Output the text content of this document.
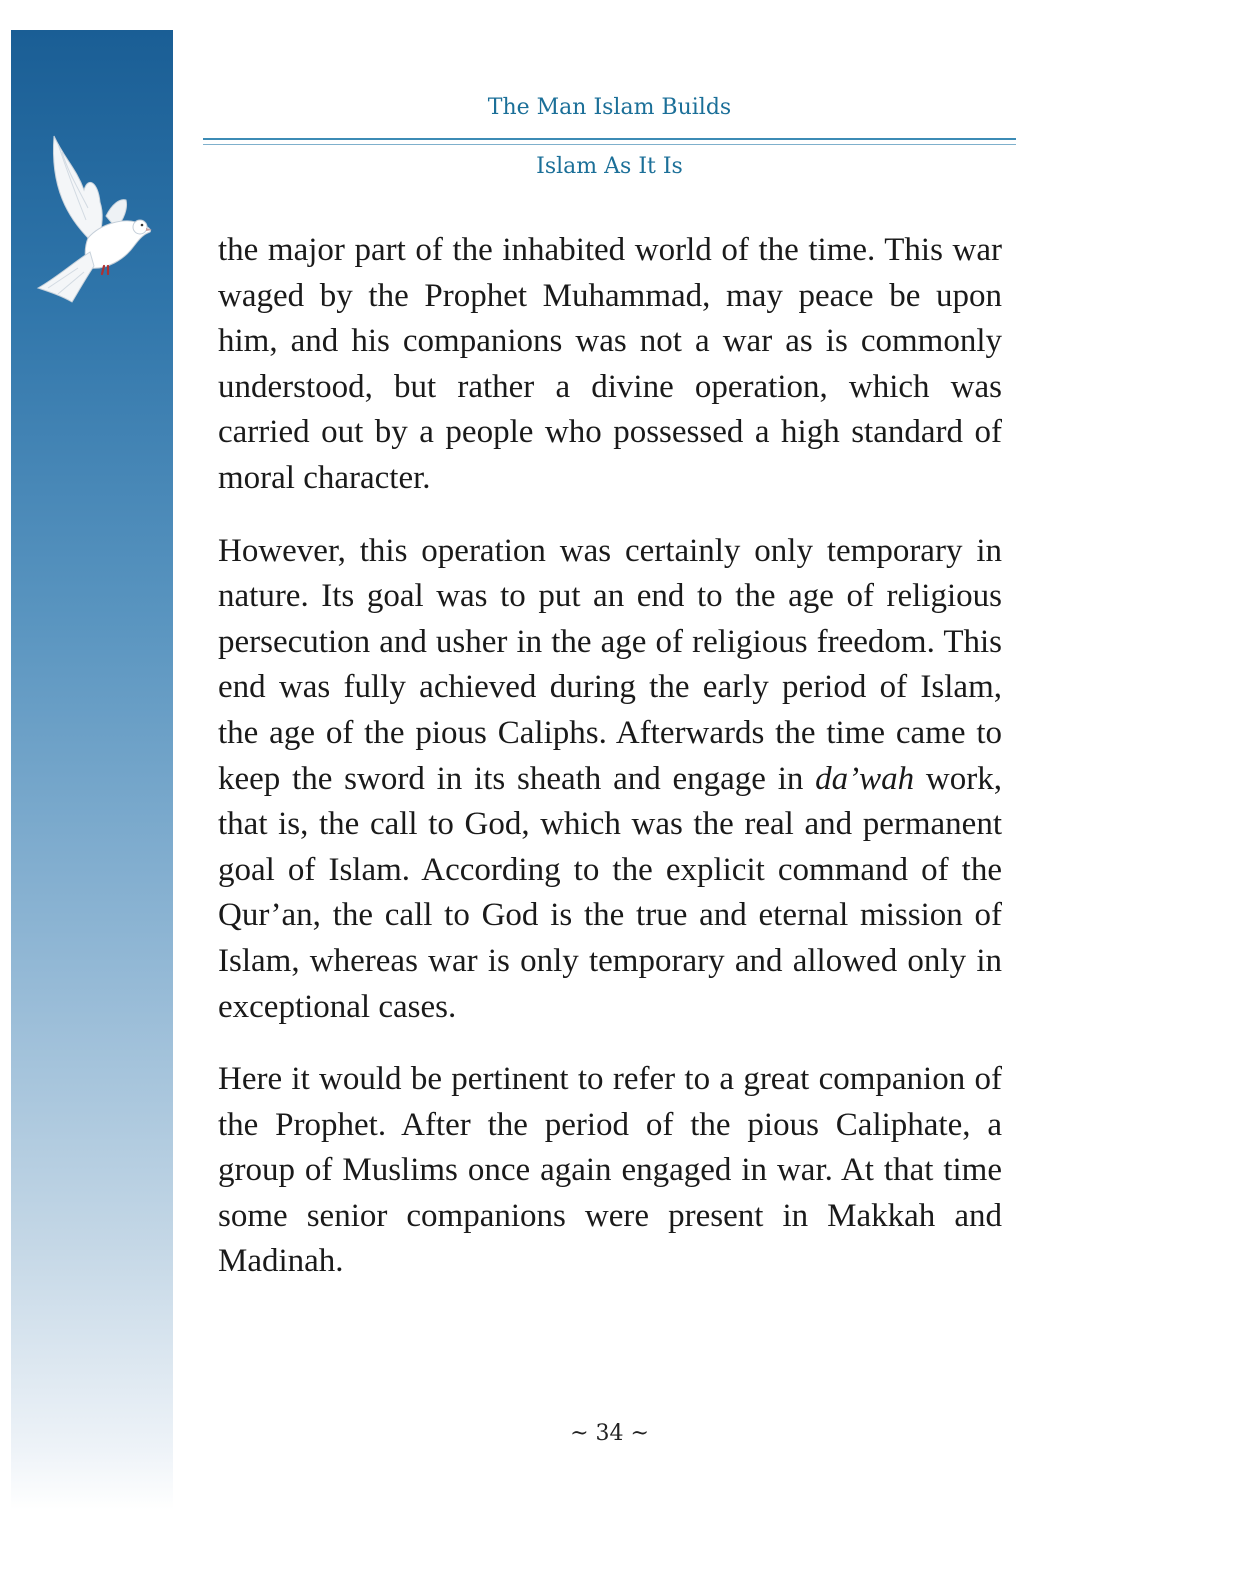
The Man Islam Builds
Islam As It Is

the major part of the inhabited world of the time. This war waged by the Prophet Muhammad, may peace be upon him, and his companions was not a war as is commonly understood, but rather a divine operation, which was carried out by a people who possessed a high standard of moral character.

However, this operation was certainly only temporary in nature. Its goal was to put an end to the age of religious persecution and usher in the age of religious freedom. This end was fully achieved during the early period of Islam, the age of the pious Caliphs. Afterwards the time came to keep the sword in its sheath and engage in da’wah work, that is, the call to God, which was the real and permanent goal of Islam. According to the explicit command of the Qur’an, the call to God is the true and eternal mission of Islam, whereas war is only temporary and allowed only in exceptional cases.

Here it would be pertinent to refer to a great companion of the Prophet. After the period of the pious Caliphate, a group of Muslims once again engaged in war. At that time some senior companions were present in Makkah and Madinah.

~ 34 ~
